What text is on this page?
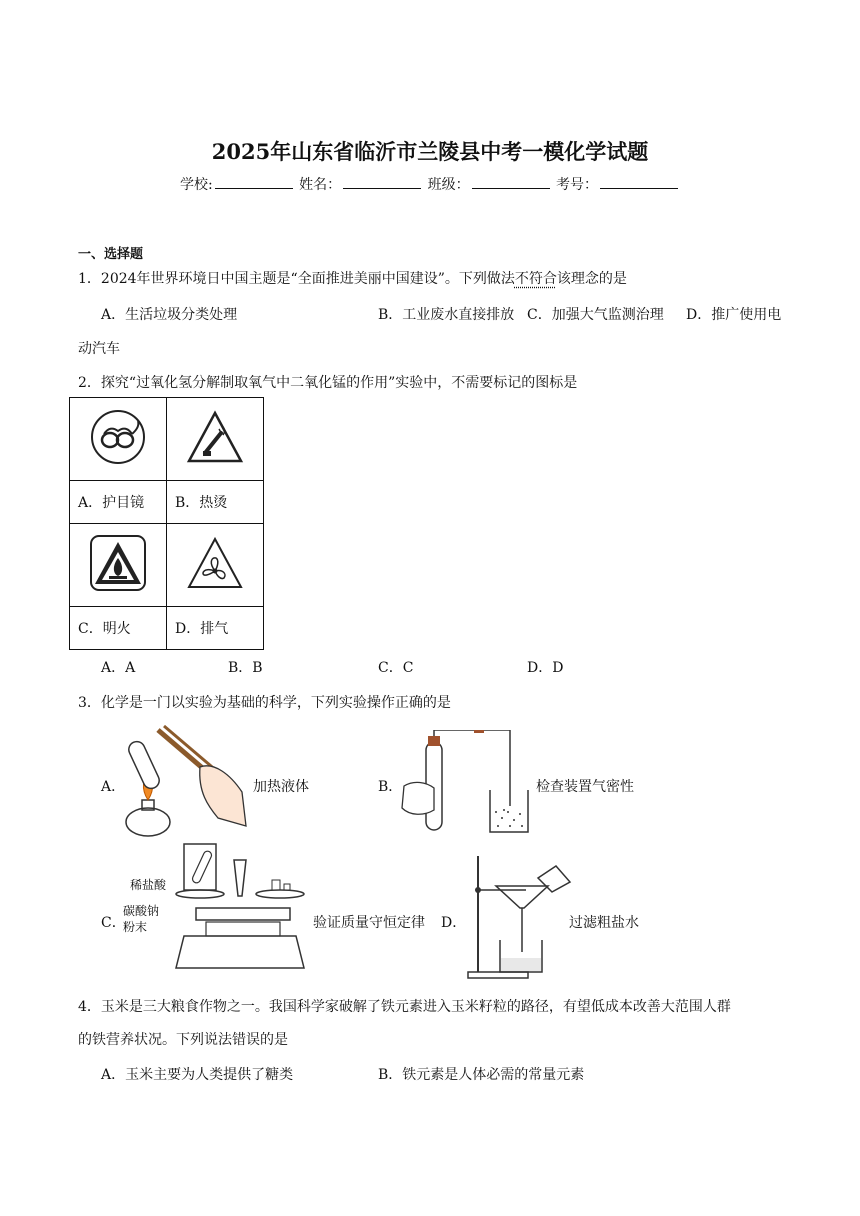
2025年山东省临沂市兰陵县中考一模化学试题
学校:	姓名：	班级：	考号：
一、选择题
1．2024年世界环境日中国主题是“全面推进美丽中国建设”。下列做法不符合该理念的是
A．生活垃圾分类处理	B．工业废水直接排放 C．加强大气监测治理 D．推广使用电
动汽车
2．探究“过氧化氢分解制取氧气中二氧化锰的作用”实验中，不需要标记的图标是

A．护目镜	B．热烫

C．明火	D．排气
A．A	B．B	C．C	D．D
3．化学是一门以实验为基础的科学，下列实验操作正确的是
A．	加热液体	B．	检查装置气密性
C．
稀盐酸
碳酸钠
粉末	验证质量守恒定律 D．	过滤粗盐水
4．玉米是三大粮食作物之一。我国科学家破解了铁元素进入玉米籽粒的路径，有望低成本改善大范围人群
的铁营养状况。下列说法错误的是
A．玉米主要为人类提供了糖类	B．铁元素是人体必需的常量元素
